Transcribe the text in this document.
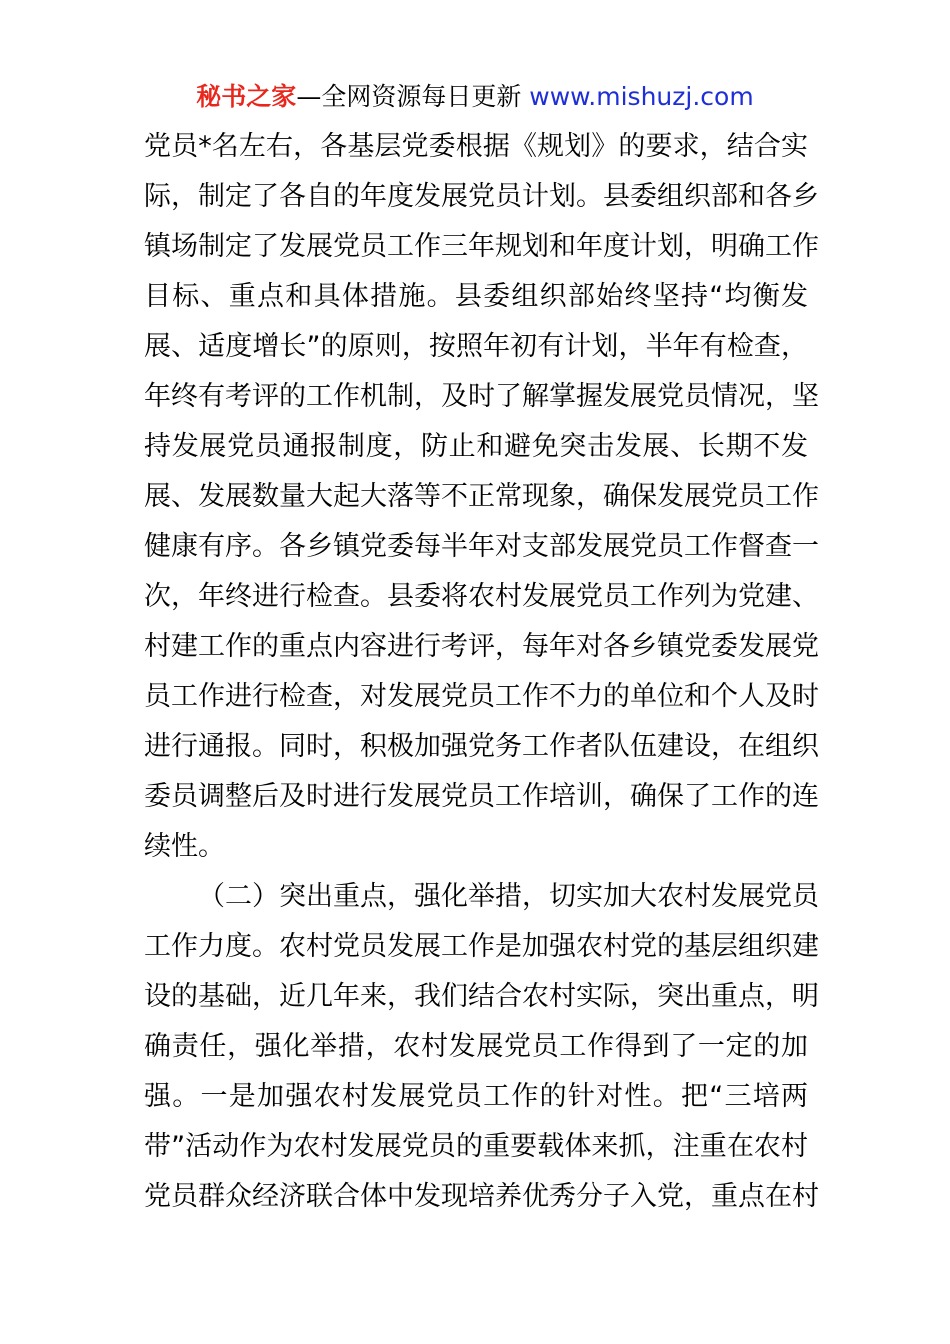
秘书之家—全网资源每日更新 www.mishuzj.com
党员*名左右，各基层党委根据《规划》的要求，结合实
际，制定了各自的年度发展党员计划。县委组织部和各乡
镇场制定了发展党员工作三年规划和年度计划，明确工作
目标、重点和具体措施。县委组织部始终坚持“均衡发
展、适度增长”的原则，按照年初有计划，半年有检查，
年终有考评的工作机制，及时了解掌握发展党员情况，坚
持发展党员通报制度，防止和避免突击发展、长期不发
展、发展数量大起大落等不正常现象，确保发展党员工作
健康有序。各乡镇党委每半年对支部发展党员工作督查一
次，年终进行检查。县委将农村发展党员工作列为党建、
村建工作的重点内容进行考评，每年对各乡镇党委发展党
员工作进行检查，对发展党员工作不力的单位和个人及时
进行通报。同时，积极加强党务工作者队伍建设，在组织
委员调整后及时进行发展党员工作培训，确保了工作的连
续性。
（二）突出重点，强化举措，切实加大农村发展党员
工作力度。农村党员发展工作是加强农村党的基层组织建
设的基础，近几年来，我们结合农村实际，突出重点，明
确责任，强化举措，农村发展党员工作得到了一定的加
强。一是加强农村发展党员工作的针对性。把“三培两
带”活动作为农村发展党员的重要载体来抓，注重在农村
党员群众经济联合体中发现培养优秀分子入党，重点在村
